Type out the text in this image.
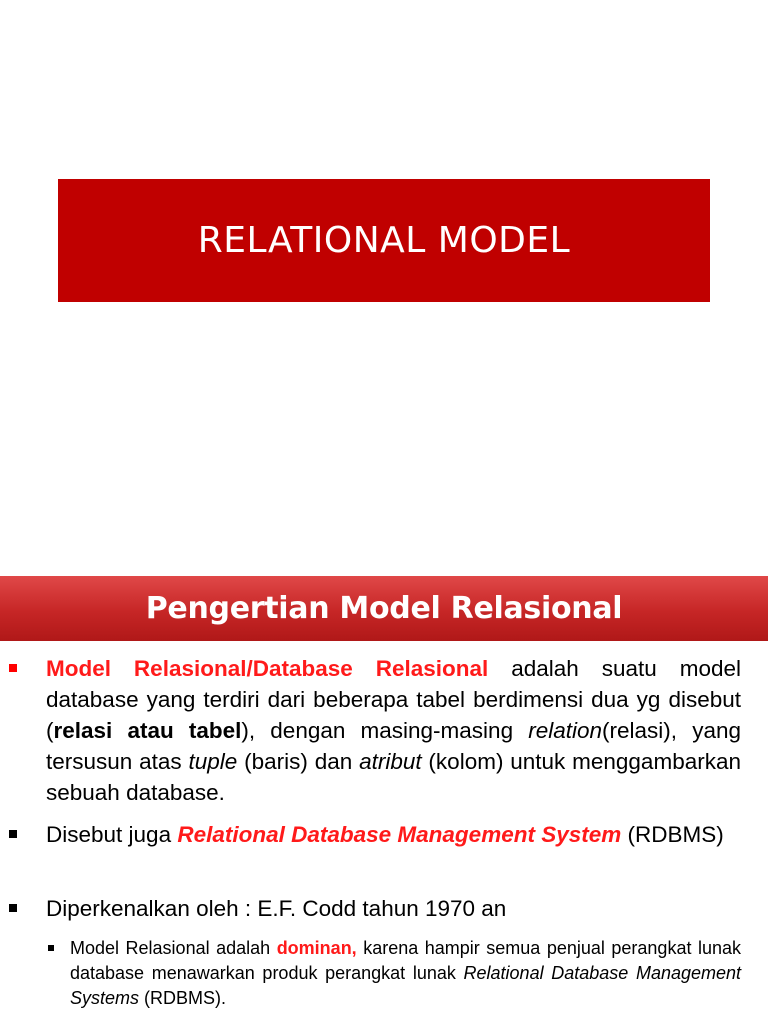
RELATIONAL MODEL
Pengertian Model Relasional
Model Relasional/Database Relasional adalah suatu model database yang terdiri dari beberapa tabel berdimensi dua yg disebut (relasi atau tabel), dengan masing-masing relation(relasi), yang tersusun atas tuple (baris) dan atribut (kolom) untuk menggambarkan sebuah database.
Disebut juga Relational Database Management System (RDBMS)
Diperkenalkan oleh : E.F. Codd tahun 1970 an
Model Relasional adalah dominan, karena hampir semua penjual perangkat lunak database menawarkan produk perangkat lunak Relational Database Management Systems (RDBMS).
